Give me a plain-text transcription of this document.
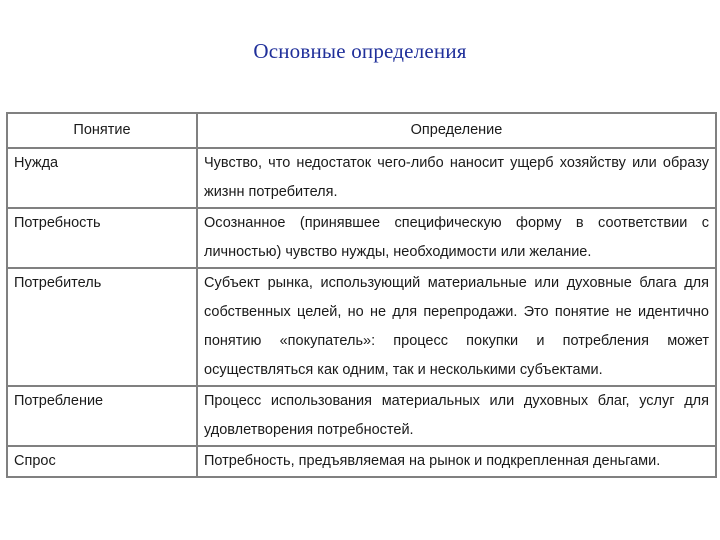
Основные определения
Понятие	Определение
Нужда	Чувство, что недостаток чего-либо наносит ущерб хозяйству или образу жизнн потребителя.
Потребность	Осознанное (принявшее специфическую форму в соответствии с личностью) чувство нужды, необходимости или желание.
Потребитель	Субъект рынка, использующий материальные или духовные блага для собственных целей, но не для перепродажи. Это понятие не идентично понятию «покупатель»: процесс покупки и потребления может осуществляться как одним, так и несколькими субъектами.
Потребление	Процесс использования материальных или духовных благ, услуг для удовлетворения потребностей.
Спрос	Потребность, предъявляемая на рынок и подкрепленная деньгами.
